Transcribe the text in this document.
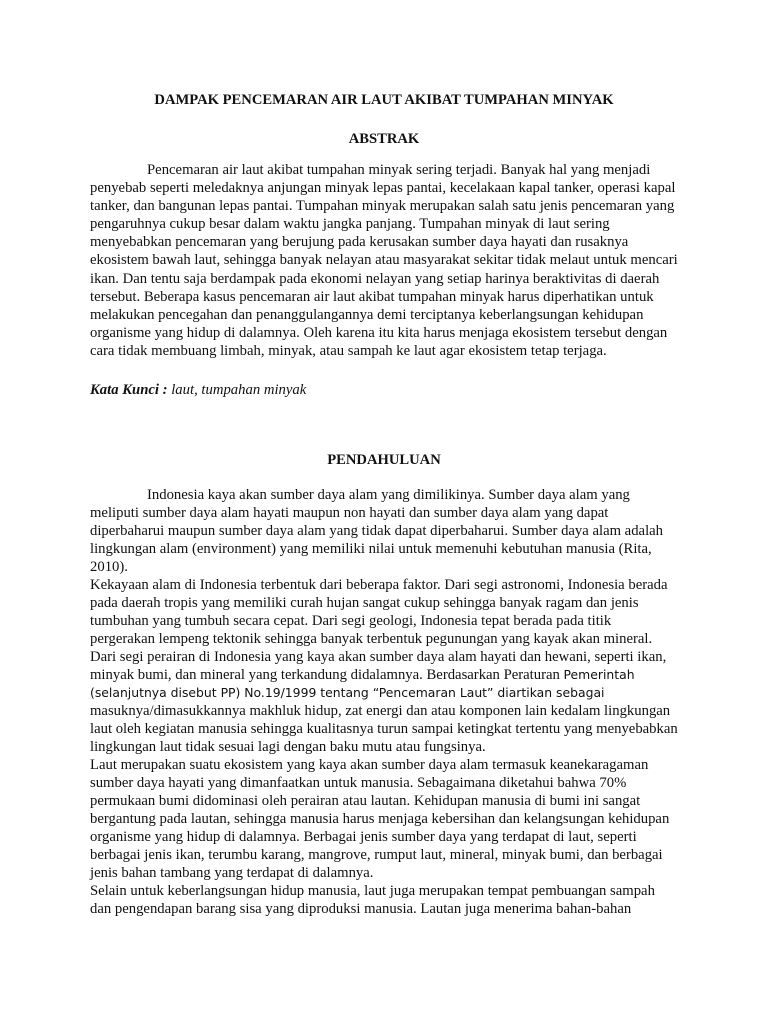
DAMPAK PENCEMARAN AIR LAUT AKIBAT TUMPAHAN MINYAK
ABSTRAK

Pencemaran air laut akibat tumpahan minyak sering terjadi. Banyak hal yang menjadi penyebab seperti meledaknya anjungan minyak lepas pantai, kecelakaan kapal tanker, operasi kapal tanker, dan bangunan lepas pantai. Tumpahan minyak merupakan salah satu jenis pencemaran yang pengaruhnya cukup besar dalam waktu jangka panjang. Tumpahan minyak di laut sering menyebabkan pencemaran yang berujung pada kerusakan sumber daya hayati dan rusaknya ekosistem bawah laut, sehingga banyak nelayan atau masyarakat sekitar tidak melaut untuk mencari ikan. Dan tentu saja berdampak pada ekonomi nelayan yang setiap harinya beraktivitas di daerah tersebut. Beberapa kasus pencemaran air laut akibat tumpahan minyak harus diperhatikan untuk melakukan pencegahan dan penanggulangannya demi terciptanya keberlangsungan kehidupan organisme yang hidup di dalamnya. Oleh karena itu kita harus menjaga ekosistem tersebut dengan cara tidak membuang limbah, minyak, atau sampah ke laut agar ekosistem tetap terjaga.

Kata Kunci : laut, tumpahan minyak
PENDAHULUAN

Indonesia kaya akan sumber daya alam yang dimilikinya. Sumber daya alam yang meliputi sumber daya alam hayati maupun non hayati dan sumber daya alam yang dapat diperbaharui maupun sumber daya alam yang tidak dapat diperbaharui. Sumber daya alam adalah lingkungan alam (environment) yang memiliki nilai untuk memenuhi kebutuhan manusia (Rita, 2010).

Kekayaan alam di Indonesia terbentuk dari beberapa faktor. Dari segi astronomi, Indonesia berada pada daerah tropis yang memiliki curah hujan sangat cukup sehingga banyak ragam dan jenis tumbuhan yang tumbuh secara cepat. Dari segi geologi, Indonesia tepat berada pada titik pergerakan lempeng tektonik sehingga banyak terbentuk pegunungan yang kayak akan mineral. Dari segi perairan di Indonesia yang kaya akan sumber daya alam hayati dan hewani, seperti ikan, minyak bumi, dan mineral yang terkandung didalamnya. Berdasarkan Peraturan Pemerintah (selanjutnya disebut PP) No.19/1999 tentang “Pencemaran Laut” diartikan sebagai masuknya/dimasukkannya makhluk hidup, zat energi dan atau komponen lain kedalam lingkungan laut oleh kegiatan manusia sehingga kualitasnya turun sampai ketingkat tertentu yang menyebabkan lingkungan laut tidak sesuai lagi dengan baku mutu atau fungsinya.

Laut merupakan suatu ekosistem yang kaya akan sumber daya alam termasuk keanekaragaman sumber daya hayati yang dimanfaatkan untuk manusia. Sebagaimana diketahui bahwa 70% permukaan bumi didominasi oleh perairan atau lautan. Kehidupan manusia di bumi ini sangat bergantung pada lautan, sehingga manusia harus menjaga kebersihan dan kelangsungan kehidupan organisme yang hidup di dalamnya. Berbagai jenis sumber daya yang terdapat di laut, seperti berbagai jenis ikan, terumbu karang, mangrove, rumput laut, mineral, minyak bumi, dan berbagai jenis bahan tambang yang terdapat di dalamnya.

Selain untuk keberlangsungan hidup manusia, laut juga merupakan tempat pembuangan sampah dan pengendapan barang sisa yang diproduksi manusia. Lautan juga menerima bahan-bahan
